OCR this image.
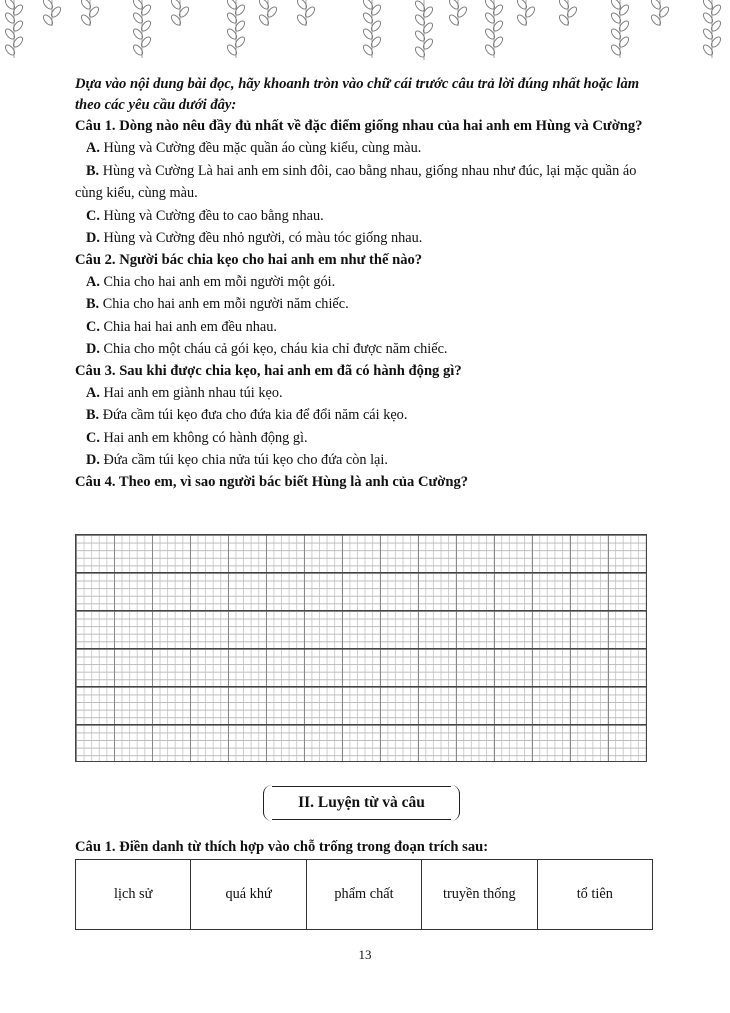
Dựa vào nội dung bài đọc, hãy khoanh tròn vào chữ cái trước câu trả lời đúng nhất hoặc làm theo các yêu cầu dưới đây:

Câu 1. Dòng nào nêu đầy đủ nhất về đặc điểm giống nhau của hai anh em Hùng và Cường?

A. Hùng và Cường đều mặc quần áo cùng kiểu, cùng màu.

B. Hùng và Cường Là hai anh em sinh đôi, cao bằng nhau, giống nhau như đúc, lại mặc quần áo cùng kiểu, cùng màu.

C. Hùng và Cường đều to cao bằng nhau.

D. Hùng và Cường đều nhỏ người, có màu tóc giống nhau.

Câu 2. Người bác chia kẹo cho hai anh em như thế nào?

A. Chia cho hai anh em mỗi người một gói.

B. Chia cho hai anh em mỗi người năm chiếc.

C. Chia hai hai anh em đều nhau.

D. Chia cho một cháu cả gói kẹo, cháu kia chỉ được năm chiếc.

Câu 3. Sau khi được chia kẹo, hai anh em đã có hành động gì?

A. Hai anh em giành nhau túi kẹo.

B. Đứa cầm túi kẹo đưa cho đứa kia để đổi năm cái kẹo.

C. Hai anh em không có hành động gì.

D. Đứa cầm túi kẹo chia nửa túi kẹo cho đứa còn lại.

Câu 4. Theo em, vì sao người bác biết Hùng là anh của Cường?

II. Luyện từ và câu

Câu 1. Điền danh từ thích hợp vào chỗ trống trong đoạn trích sau:

lịch sử	quá khứ	phẩm chất	truyền thống	tổ tiên
13
